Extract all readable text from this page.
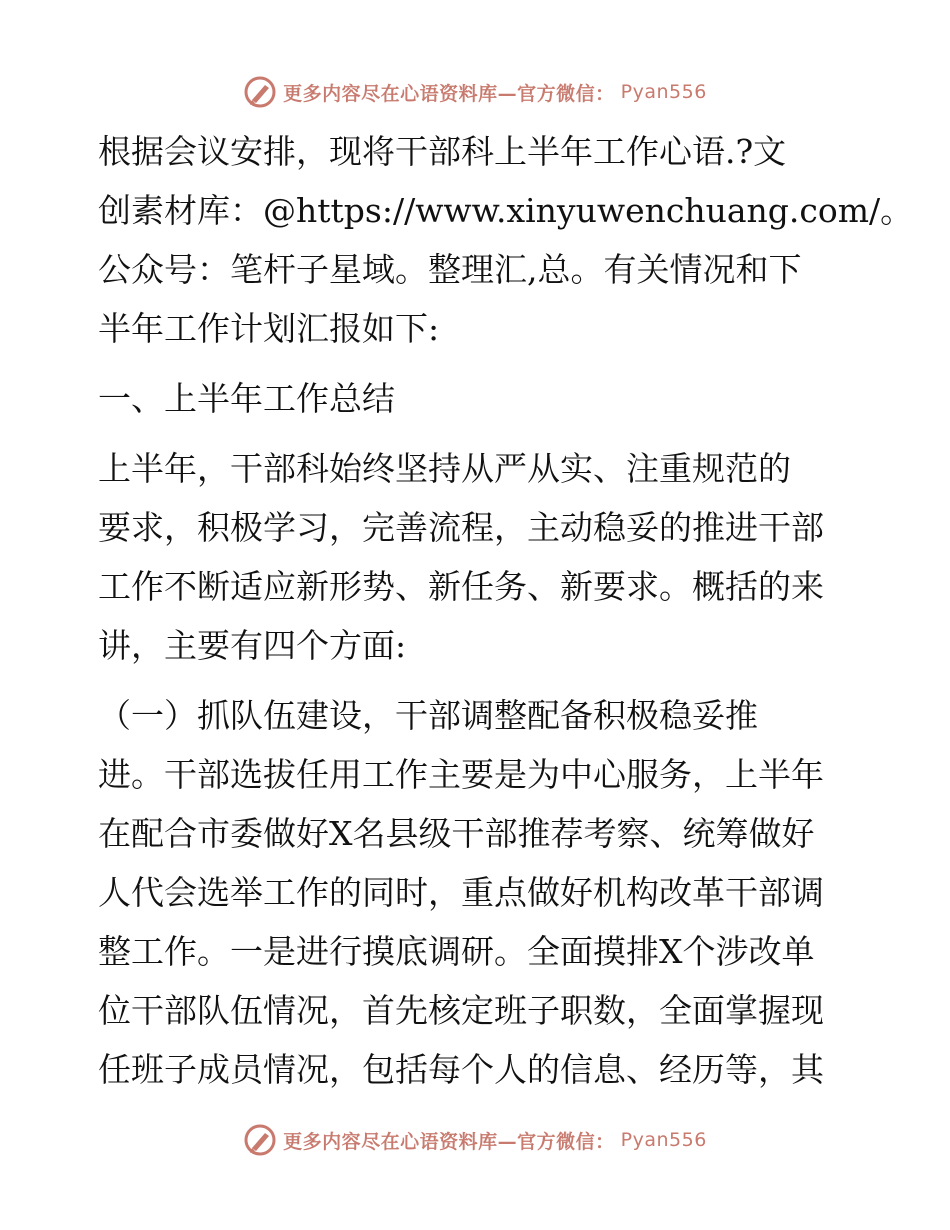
更多内容尽在心语资料库—官方微信： Pyan556
根据会议安排，现将干部科上半年工作心语.?文
创素材库：@https://www.xinyuwenchuang.com/。
公众号：笔杆子星域。整理汇,总。有关情况和下
半年工作计划汇报如下:
一、上半年工作总结
上半年，干部科始终坚持从严从实、注重规范的
要求，积极学习，完善流程，主动稳妥的推进干部
工作不断适应新形势、新任务、新要求。概括的来
讲，主要有四个方面:
（一）抓队伍建设，干部调整配备积极稳妥推
进。干部选拔任用工作主要是为中心服务，上半年
在配合市委做好X名县级干部推荐考察、统筹做好
人代会选举工作的同时，重点做好机构改革干部调
整工作。一是进行摸底调研。全面摸排X个涉改单
位干部队伍情况，首先核定班子职数，全面掌握现
任班子成员情况，包括每个人的信息、经历等，其
更多内容尽在心语资料库—官方微信： Pyan556
